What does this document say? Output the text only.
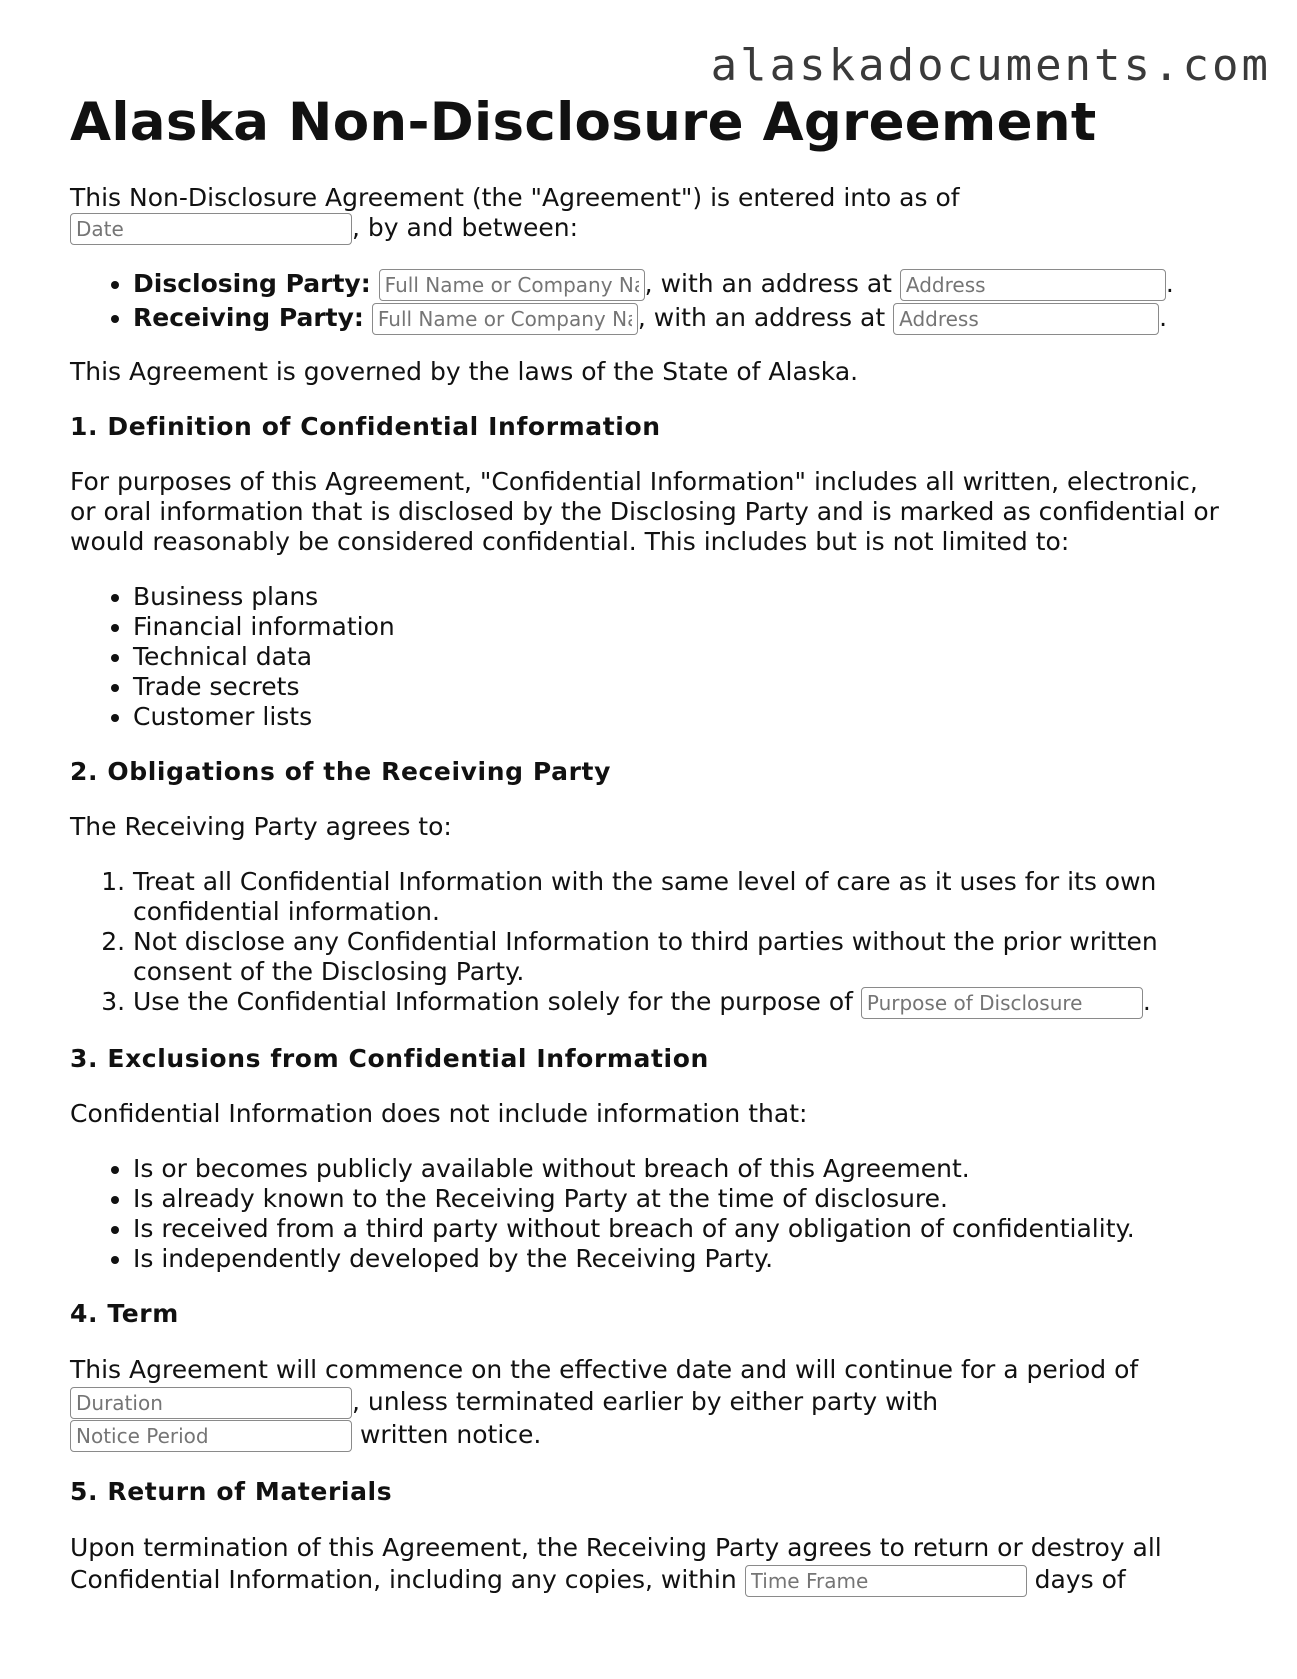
alaskadocuments.com
Alaska Non-Disclosure Agreement

This Non-Disclosure Agreement (the "Agreement") is entered into as of
Date, by and between:

• Disclosing Party: Full Name or Company Name	, with an address at Address	.
• Receiving Party: Full Name or Company Name	, with an address at Address	.

This Agreement is governed by the laws of the State of Alaska.

1. Definition of Confidential Information

For purposes of this Agreement, "Confidential Information" includes all written, electronic, or oral information that is disclosed by the Disclosing Party and is marked as confidential or would reasonably be considered confidential. This includes but is not limited to:

• Business plans
• Financial information
• Technical data
• Trade secrets
• Customer lists
2. Obligations of the Receiving Party

The Receiving Party agrees to:

1. Treat all Confidential Information with the same level of care as it uses for its own confidential information.
2. Not disclose any Confidential Information to third parties without the prior written consent of the Disclosing Party.
3. Use the Confidential Information solely for the purpose of Purpose of Disclosure	.
3. Exclusions from Confidential Information

Confidential Information does not include information that:

• Is or becomes publicly available without breach of this Agreement.
• Is already known to the Receiving Party at the time of disclosure.
• Is received from a third party without breach of any obligation of confidentiality.
• Is independently developed by the Receiving Party.
4. Term

This Agreement will commence on the effective date and will continue for a period of
Duration, unless terminated earlier by either party with
Notice Period written notice.

5. Return of Materials

Upon termination of this Agreement, the Receiving Party agrees to return or destroy all Confidential Information, including any copies, within Time Frame	days of
